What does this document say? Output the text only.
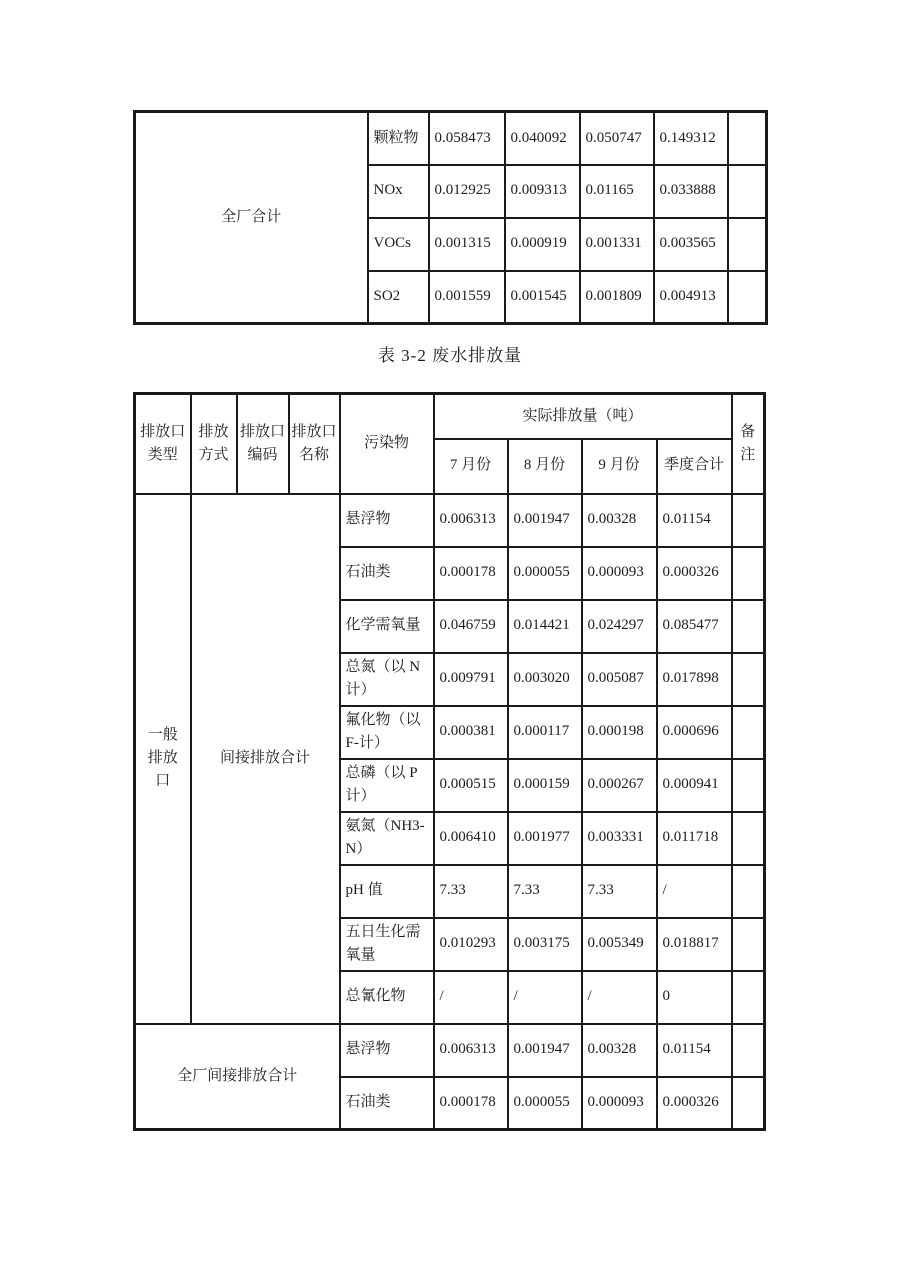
全厂合计	颗粒物	0.058473	0.040092	0.050747	0.149312	
	NOx	0.012925	0.009313	0.01165	0.033888	
	VOCs	0.001315	0.000919	0.001331	0.003565	
	SO2	0.001559	0.001545	0.001809	0.004913	
表 3-2 废水排放量
排放口类型	排放方式	排放口编码	排放口名称	污染物	实际排放量（吨）				备注
					7 月份	8 月份	9 月份	季度合计	
一般排放口	间接排放合计			悬浮物	0.006313	0.001947	0.00328	0.01154	
				石油类	0.000178	0.000055	0.000093	0.000326	
				化学需氧量	0.046759	0.014421	0.024297	0.085477	
				总氮（以 N 计）	0.009791	0.003020	0.005087	0.017898	
				氟化物（以 F-计）	0.000381	0.000117	0.000198	0.000696	
				总磷（以 P 计）	0.000515	0.000159	0.000267	0.000941	
				氨氮（NH3-N）	0.006410	0.001977	0.003331	0.011718	
				pH 值	7.33	7.33	7.33	/	
				五日生化需氧量	0.010293	0.003175	0.005349	0.018817	
				总氰化物	/	/	/	0	
全厂间接排放合计				悬浮物	0.006313	0.001947	0.00328	0.01154	
				石油类	0.000178	0.000055	0.000093	0.000326	
